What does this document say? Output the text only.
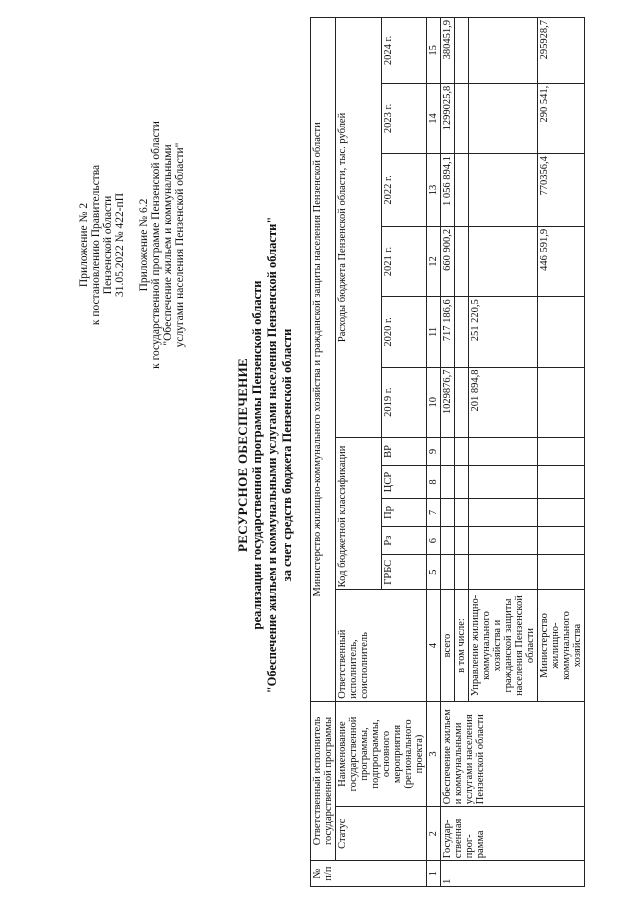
Приложение № 2 к постановлению Правительства Пензенской области 31.05.2022 № 422-пП Приложение № 6.2 к государственной программе Пензенской области "Обеспечение жильем и коммунальными услугами населения Пензенской области"
РЕСУРСНОЕ ОБЕСПЕЧЕНИЕ реализации государственной программы Пензенской области "Обеспечение жильем и коммунальными услугами населения Пензенской области" за счет средств бюджета Пензенской области
№ п/п	Ответственный исполнитель государственной программы		Министерство жилищно-коммунального хозяйства и гражданской защиты населения Пензенской области											
	Статус	Наименование государственной программы, подпрограммы, основного мероприятия (регионального проекта)	Ответственный исполнитель, соисполнитель	Код бюджетной классификации					Расходы бюджета Пензенской области, тыс. рублей					
				ГРБС	Рз	Пр	ЦСР	ВР	2019 г.	2020 г.	2021 г.	2022 г.	2023 г.	2024 г.
1	2	3	4	5	6	7	8	9	10	11	12	13	14	15
1	Государ-ственная прог-рамма	Обеспечение жильем и коммунальными услугами населения Пензенской области	всего						1029876,7	717 186,6	660 900,2	1 056 894,1	1299025,8	380451,9
			в том числе:											
			Управление жилищно-коммунального хозяйства и гражданской защиты населения Пензенской области						201 894,8	251 220,5				
			Министерство жилищно-коммунального хозяйства								446 591,9	770356,4	290 541,	295928,7
